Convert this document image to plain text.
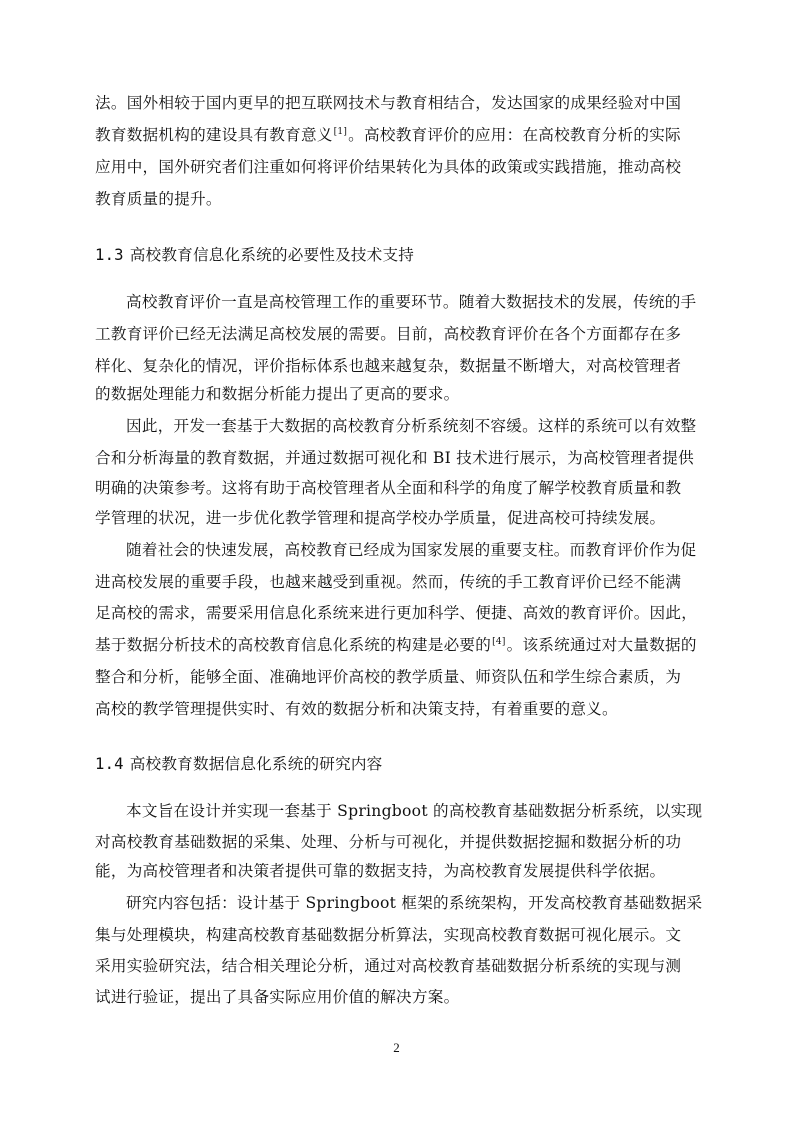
法。国外相较于国内更早的把互联网技术与教育相结合，发达国家的成果经验对中国
教育数据机构的建设具有教育意义[1]。高校教育评价的应用：在高校教育分析的实际
应用中，国外研究者们注重如何将评价结果转化为具体的政策或实践措施，推动高校
教育质量的提升。
1.3 高校教育信息化系统的必要性及技术支持
高校教育评价一直是高校管理工作的重要环节。随着大数据技术的发展，传统的手
工教育评价已经无法满足高校发展的需要。目前，高校教育评价在各个方面都存在多
样化、复杂化的情况，评价指标体系也越来越复杂，数据量不断增大，对高校管理者
的数据处理能力和数据分析能力提出了更高的要求。
因此，开发一套基于大数据的高校教育分析系统刻不容缓。这样的系统可以有效整
合和分析海量的教育数据，并通过数据可视化和 BI 技术进行展示，为高校管理者提供
明确的决策参考。这将有助于高校管理者从全面和科学的角度了解学校教育质量和教
学管理的状况，进一步优化教学管理和提高学校办学质量，促进高校可持续发展。
随着社会的快速发展，高校教育已经成为国家发展的重要支柱。而教育评价作为促
进高校发展的重要手段，也越来越受到重视。然而，传统的手工教育评价已经不能满
足高校的需求，需要采用信息化系统来进行更加科学、便捷、高效的教育评价。因此，
基于数据分析技术的高校教育信息化系统的构建是必要的[4]。该系统通过对大量数据的
整合和分析，能够全面、准确地评价高校的教学质量、师资队伍和学生综合素质，为
高校的教学管理提供实时、有效的数据分析和决策支持，有着重要的意义。
1.4 高校教育数据信息化系统的研究内容
本文旨在设计并实现一套基于 Springboot 的高校教育基础数据分析系统，以实现
对高校教育基础数据的采集、处理、分析与可视化，并提供数据挖掘和数据分析的功
能，为高校管理者和决策者提供可靠的数据支持，为高校教育发展提供科学依据。
研究内容包括：设计基于 Springboot 框架的系统架构，开发高校教育基础数据采
集与处理模块，构建高校教育基础数据分析算法，实现高校教育数据可视化展示。文
采用实验研究法，结合相关理论分析，通过对高校教育基础数据分析系统的实现与测
试进行验证，提出了具备实际应用价值的解决方案。
2
